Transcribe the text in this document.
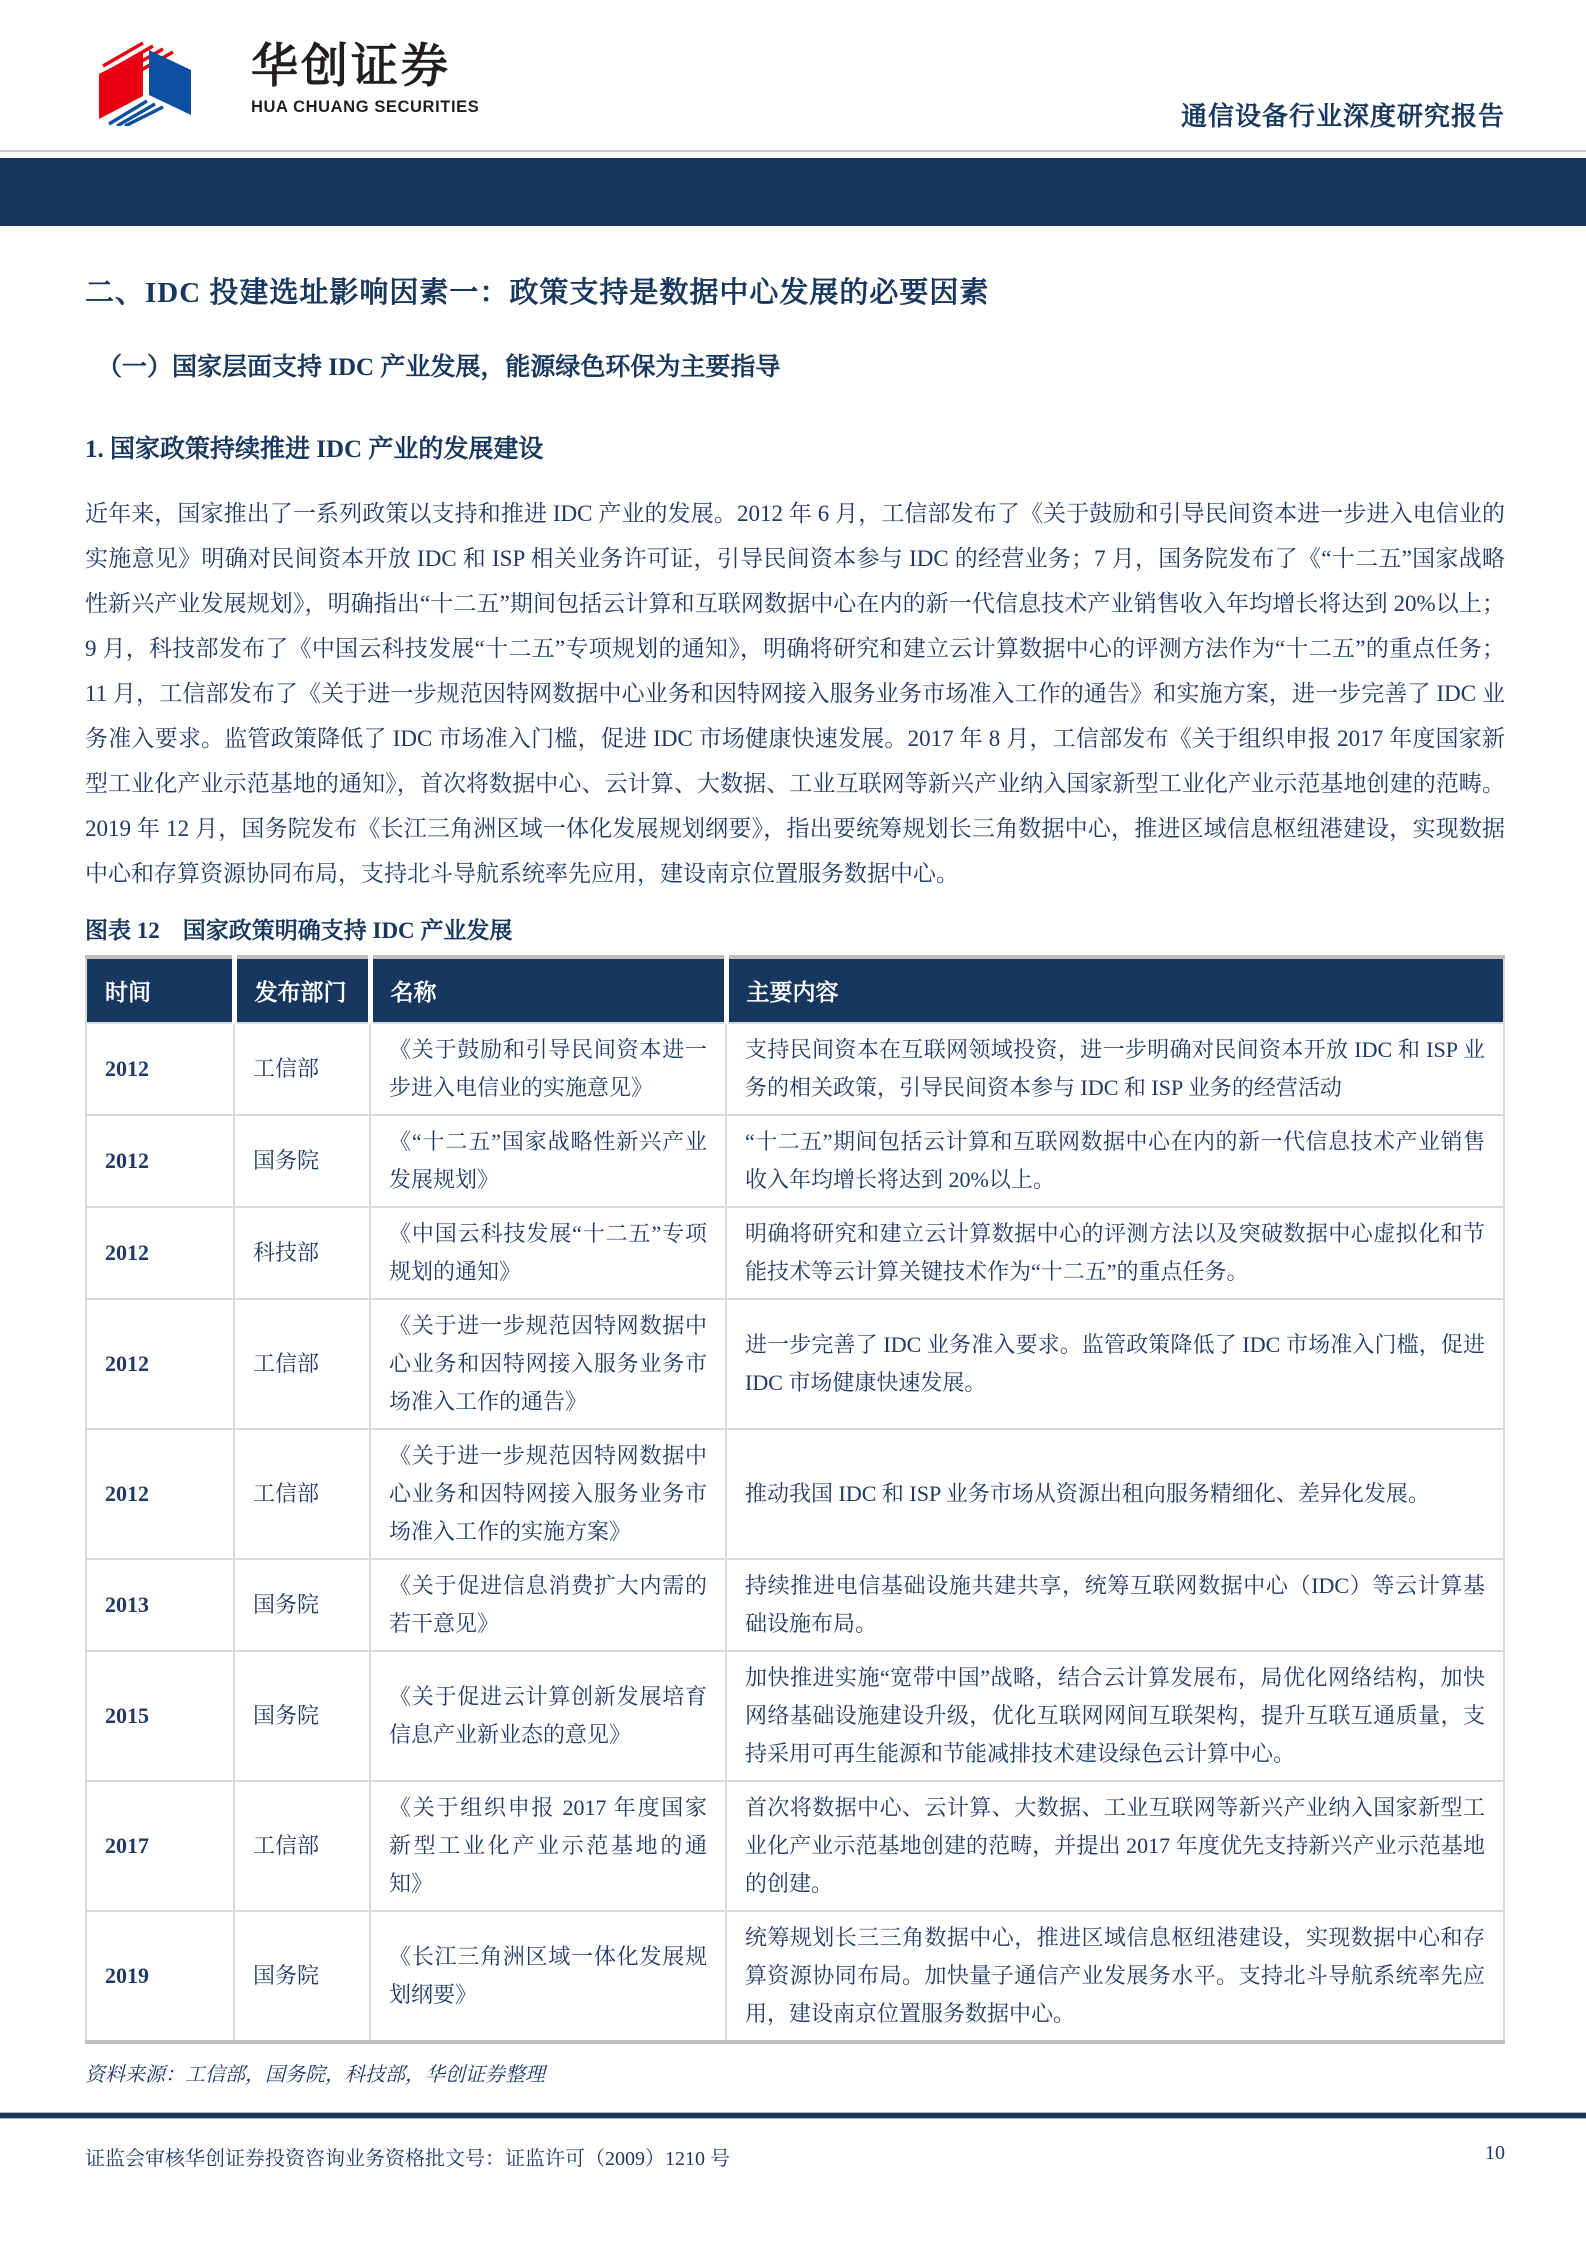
华创证券
HUA CHUANG SECURITIES	通信设备行业深度研究报告
二、IDC 投建选址影响因素一：政策支持是数据中心发展的必要因素
（一）国家层面支持 IDC 产业发展，能源绿色环保为主要指导
1. 国家政策持续推进 IDC 产业的发展建设

近年来，国家推出了一系列政策以支持和推进 IDC 产业的发展。2012 年 6 月，工信部发布了《关于鼓励和引导民间资本进一步进入电信业的实施意见》明确对民间资本开放 IDC 和 ISP 相关业务许可证，引导民间资本参与 IDC 的经营业务；7 月，国务院发布了《“十二五”国家战略性新兴产业发展规划》，明确指出“十二五”期间包括云计算和互联网数据中心在内的新一代信息技术产业销售收入年均增长将达到 20%以上；9 月，科技部发布了《中国云科技发展“十二五”专项规划的通知》，明确将研究和建立云计算数据中心的评测方法作为“十二五”的重点任务；11 月，工信部发布了《关于进一步规范因特网数据中心业务和因特网接入服务业务市场准入工作的通告》和实施方案，进一步完善了 IDC 业务准入要求。监管政策降低了 IDC 市场准入门槛，促进 IDC 市场健康快速发展。2017 年 8 月，工信部发布《关于组织申报 2017 年度国家新型工业化产业示范基地的通知》，首次将数据中心、云计算、大数据、工业互联网等新兴产业纳入国家新型工业化产业示范基地创建的范畴。2019 年 12 月，国务院发布《长江三角洲区域一体化发展规划纲要》，指出要统筹规划长三角数据中心，推进区域信息枢纽港建设，实现数据中心和存算资源协同布局，支持北斗导航系统率先应用，建设南京位置服务数据中心。

图表 12　国家政策明确支持 IDC 产业发展
时间	发布部门	名称	主要内容
2012	工信部	《关于鼓励和引导民间资本进一步进入电信业的实施意见》	支持民间资本在互联网领域投资，进一步明确对民间资本开放 IDC 和 ISP 业务的相关政策，引导民间资本参与 IDC 和 ISP 业务的经营活动
2012	国务院	《“十二五”国家战略性新兴产业发展规划》	“十二五”期间包括云计算和互联网数据中心在内的新一代信息技术产业销售收入年均增长将达到 20%以上。
2012	科技部	《中国云科技发展“十二五”专项规划的通知》	明确将研究和建立云计算数据中心的评测方法以及突破数据中心虚拟化和节能技术等云计算关键技术作为“十二五”的重点任务。
2012	工信部	《关于进一步规范因特网数据中心业务和因特网接入服务业务市场准入工作的通告》	进一步完善了 IDC 业务准入要求。监管政策降低了 IDC 市场准入门槛，促进 IDC 市场健康快速发展。
2012	工信部	《关于进一步规范因特网数据中心业务和因特网接入服务业务市场准入工作的实施方案》	推动我国 IDC 和 ISP 业务市场从资源出租向服务精细化、差异化发展。
2013	国务院	《关于促进信息消费扩大内需的若干意见》	持续推进电信基础设施共建共享，统筹互联网数据中心（IDC）等云计算基础设施布局。
2015	国务院	《关于促进云计算创新发展培育信息产业新业态的意见》	加快推进实施“宽带中国”战略，结合云计算发展布，局优化网络结构，加快网络基础设施建设升级，优化互联网网间互联架构，提升互联互通质量，支持采用可再生能源和节能减排技术建设绿色云计算中心。
2017	工信部	《关于组织申报 2017 年度国家新型工业化产业示范基地的通知》	首次将数据中心、云计算、大数据、工业互联网等新兴产业纳入国家新型工业化产业示范基地创建的范畴，并提出 2017 年度优先支持新兴产业示范基地的创建。
2019	国务院	《长江三角洲区域一体化发展规划纲要》	统筹规划长三三角数据中心，推进区域信息枢纽港建设，实现数据中心和存算资源协同布局。加快量子通信产业发展务水平。支持北斗导航系统率先应用，建设南京位置服务数据中心。
资料来源：工信部，国务院，科技部，华创证券整理
证监会审核华创证券投资咨询业务资格批文号：证监许可（2009）1210 号	10
